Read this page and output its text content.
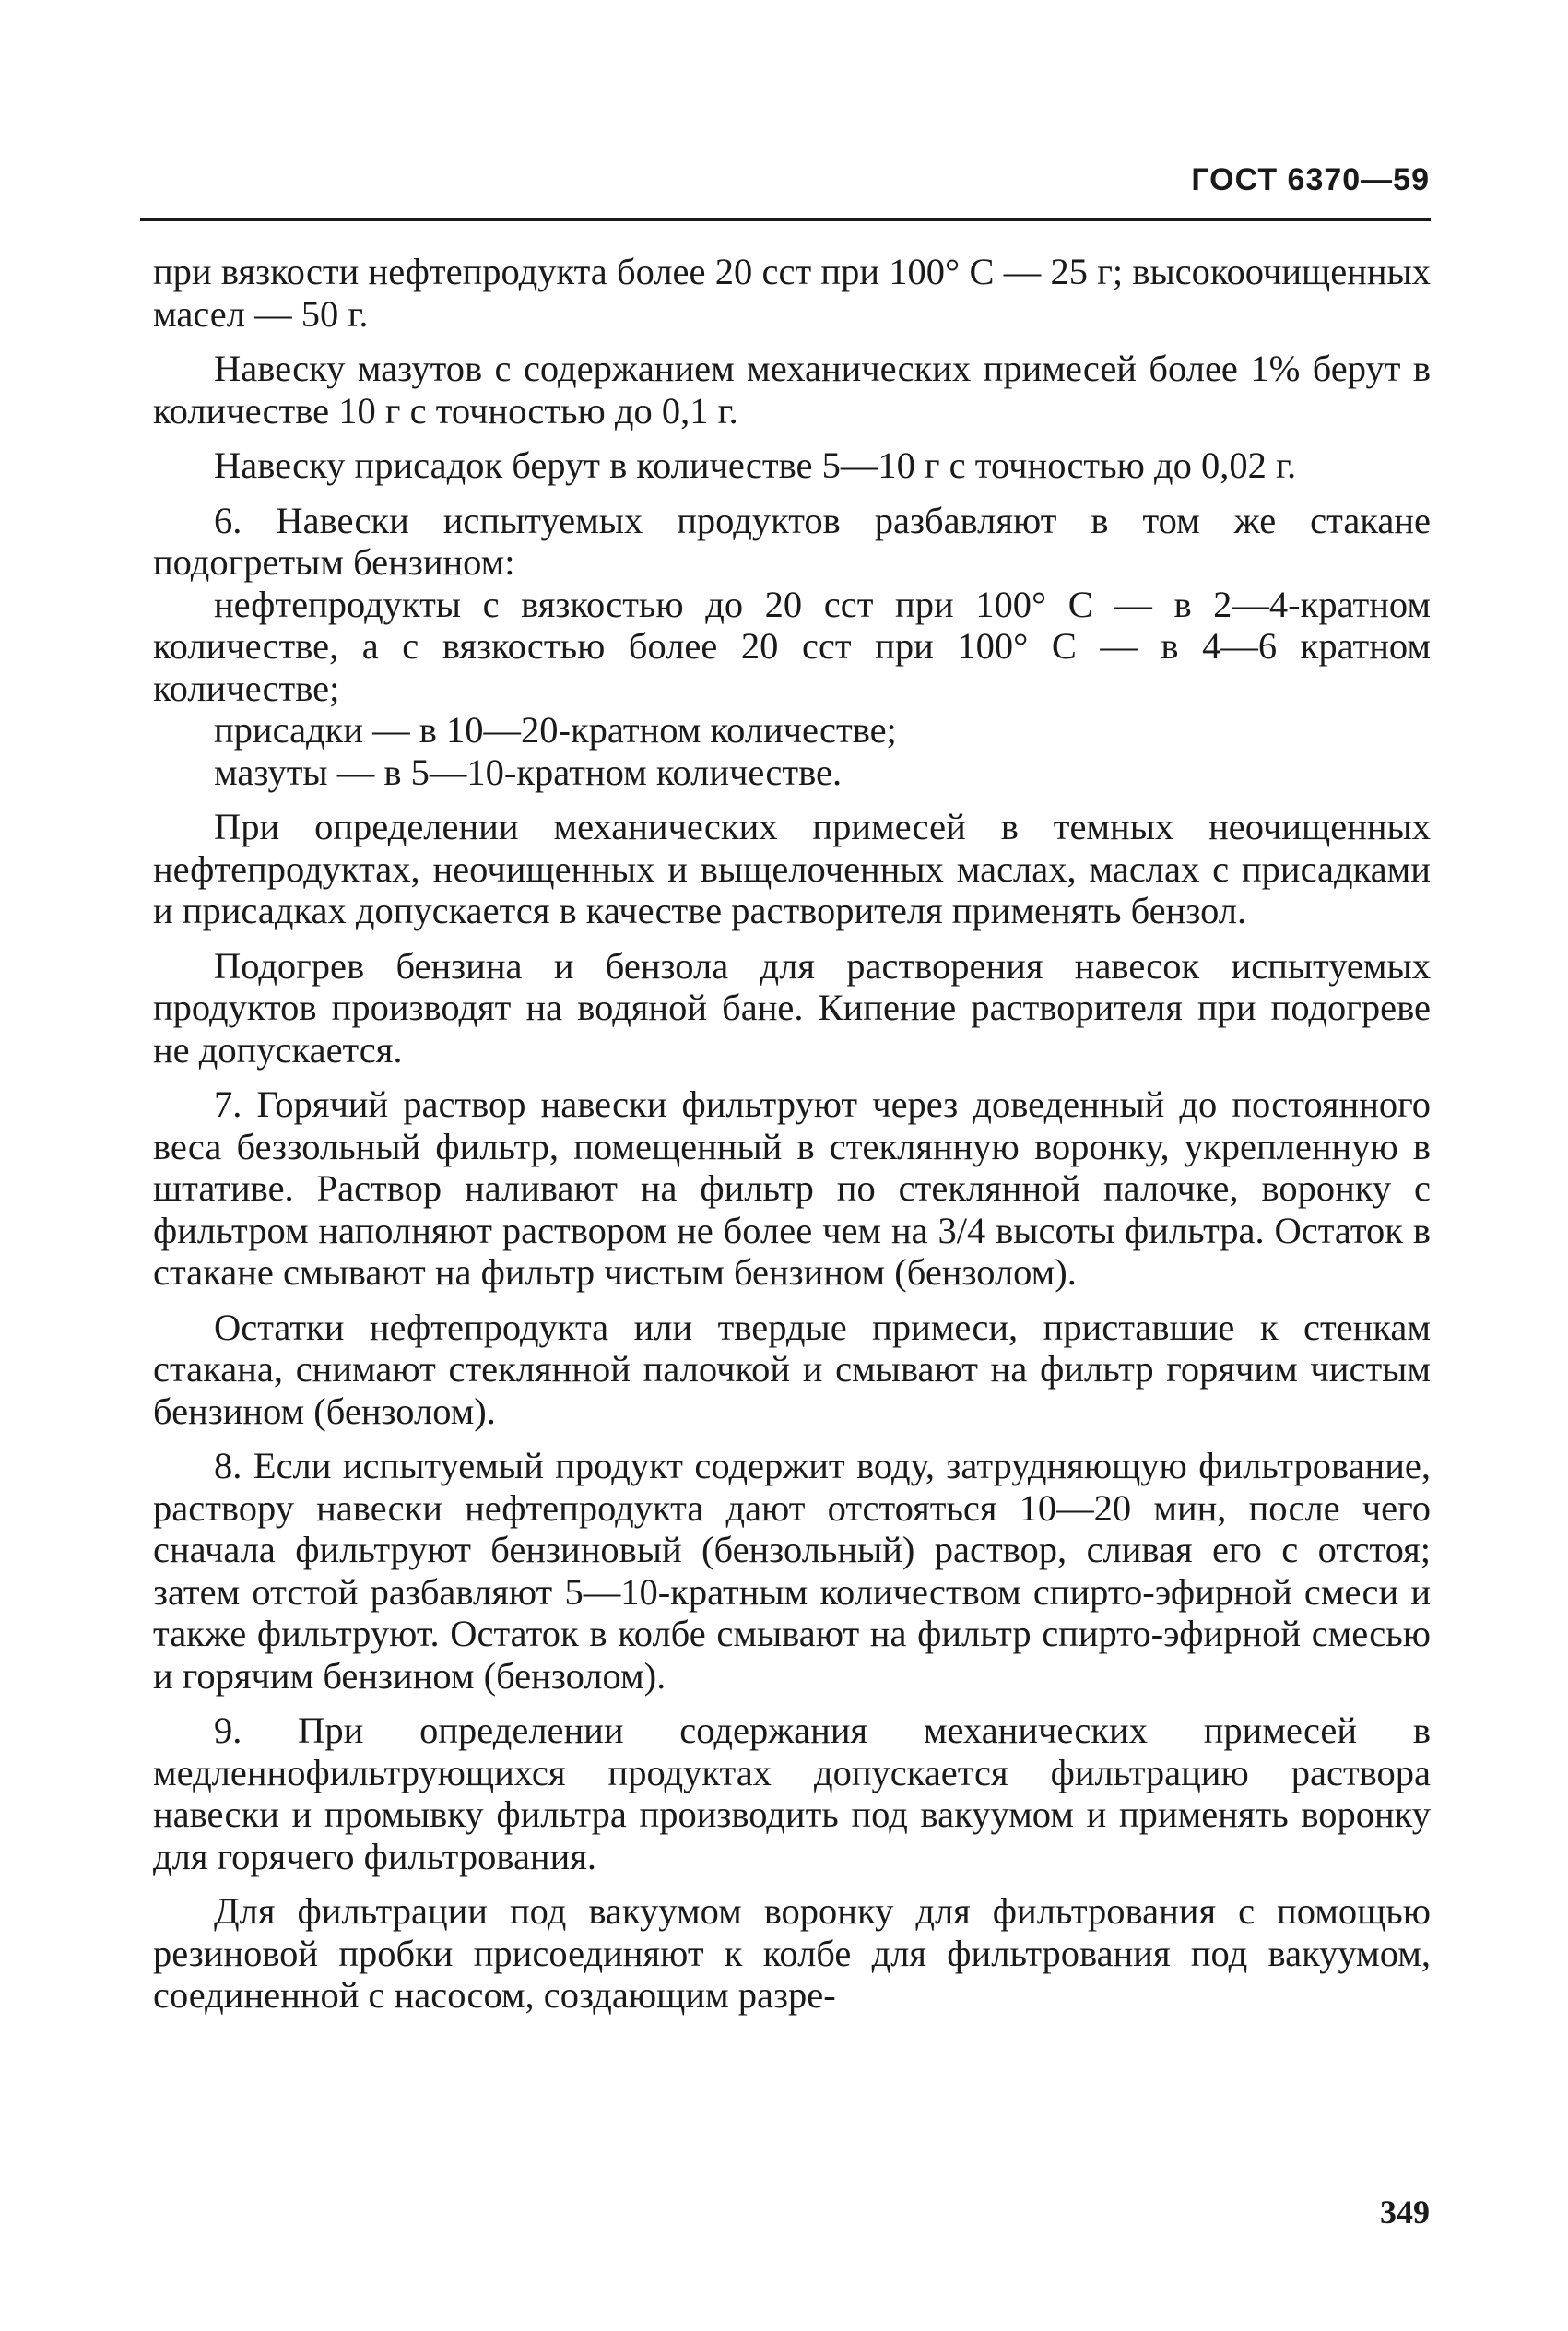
ГОСТ 6370—59

при вязкости нефтепродукта более 20 сст при 100° С — 25 г; высокоочищенных масел — 50 г.

Навеску мазутов с содержанием механических примесей более 1% берут в количестве 10 г с точностью до 0,1 г.

Навеску присадок берут в количестве 5—10 г с точностью до 0,02 г.

6. Навески испытуемых продуктов разбавляют в том же стакане подогретым бензином:

нефтепродукты с вязкостью до 20 сст при 100° С — в 2—4-кратном количестве, а с вязкостью более 20 сст при 100° С — в 4—6 кратном количестве;

присадки — в 10—20-кратном количестве;

мазуты — в 5—10-кратном количестве.

При определении механических примесей в темных неочищенных нефтепродуктах, неочищенных и выщелоченных маслах, маслах с присадками и присадках допускается в качестве растворителя применять бензол.

Подогрев бензина и бензола для растворения навесок испытуемых продуктов производят на водяной бане. Кипение растворителя при подогреве не допускается.

7. Горячий раствор навески фильтруют через доведенный до постоянного веса беззольный фильтр, помещенный в стеклянную воронку, укрепленную в штативе. Раствор наливают на фильтр по стеклянной палочке, воронку с фильтром наполняют раствором не более чем на 3/4 высоты фильтра. Остаток в стакане смывают на фильтр чистым бензином (бензолом).

Остатки нефтепродукта или твердые примеси, приставшие к стенкам стакана, снимают стеклянной палочкой и смывают на фильтр горячим чистым бензином (бензолом).

8. Если испытуемый продукт содержит воду, затрудняющую фильтрование, раствору навески нефтепродукта дают отстояться 10—20 мин, после чего сначала фильтруют бензиновый (бензольный) раствор, сливая его с отстоя; затем отстой разбавляют 5—10-кратным количеством спирто-эфирной смеси и также фильтруют. Остаток в колбе смывают на фильтр спирто-эфирной смесью и горячим бензином (бензолом).

9. При определении содержания механических примесей в медленнофильтрующихся продуктах допускается фильтрацию раствора навески и промывку фильтра производить под вакуумом и применять воронку для горячего фильтрования.

Для фильтрации под вакуумом воронку для фильтрования с помощью резиновой пробки присоединяют к колбе для фильтрования под вакуумом, соединенной с насосом, создающим разре-

349
